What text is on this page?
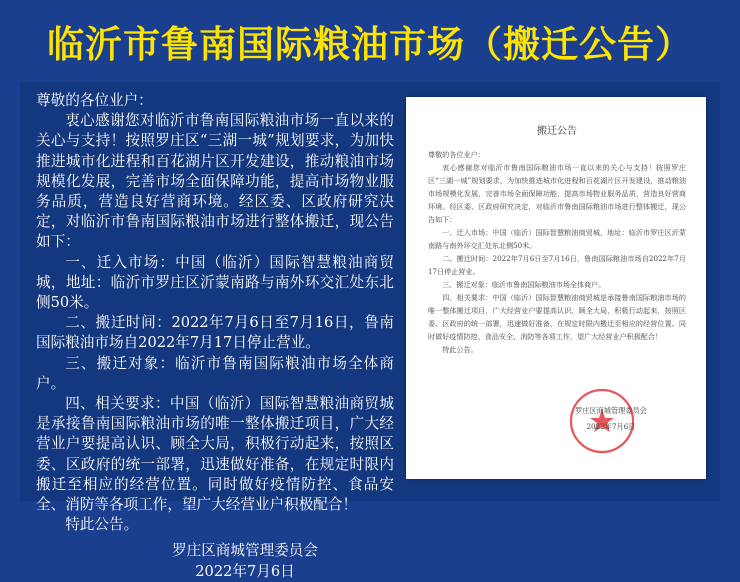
临沂市鲁南国际粮油市场（搬迁公告）

尊敬的各位业户：

衷心感谢您对临沂市鲁南国际粮油市场一直以来的关心与支持！按照罗庄区“三湖一城”规划要求，为加快推进城市化进程和百花湖片区开发建设，推动粮油市场规模化发展，完善市场全面保障功能，提高市场物业服务品质，营造良好营商环境。经区委、区政府研究决定，对临沂市鲁南国际粮油市场进行整体搬迁，现公告如下：

一、迁入市场：中国（临沂）国际智慧粮油商贸城，地址：临沂市罗庄区沂蒙南路与南外环交汇处东北侧50米。

二、搬迁时间：2022年7月6日至7月16日，鲁南国际粮油市场自2022年7月17日停止营业。

三、搬迁对象：临沂市鲁南国际粮油市场全体商户。

四、相关要求：中国（临沂）国际智慧粮油商贸城是承接鲁南国际粮油市场的唯一整体搬迁项目，广大经营业户要提高认识、顾全大局，积极行动起来，按照区委、区政府的统一部署，迅速做好准备，在规定时限内搬迁至相应的经营位置。同时做好疫情防控、食品安全、消防等各项工作，望广大经营业户积极配合！

特此公告。

罗庄区商城管理委员会

2022年7月6日

搬迁公告

尊敬的各位业户：

衷心感谢您对临沂市鲁南国际粮油市场一直以来的关心与支持！按照罗庄区“三湖一城”规划要求，为加快推进城市化进程和百花湖片区开发建设，推动粮油市场规模化发展，完善市场全面保障功能，提高市场物业服务品质，营造良好营商环境。经区委、区政府研究决定，对临沂市鲁南国际粮油市场进行整体搬迁，现公告如下：

一、迁入市场：中国（临沂）国际智慧粮油商贸城，地址：临沂市罗庄区沂蒙南路与南外环交汇处东北侧50米。

二、搬迁时间：2022年7月6日至7月16日，鲁南国际粮油市场自2022年7月17日停止营业。

三、搬迁对象：临沂市鲁南国际粮油市场全体商户。

四、相关要求：中国（临沂）国际智慧粮油商贸城是承接鲁南国际粮油市场的唯一整体搬迁项目，广大经营业户要提高认识、顾全大局，积极行动起来，按照区委、区政府的统一部署，迅速做好准备，在规定时限内搬迁至相应的经营位置。同时做好疫情防控、食品安全、消防等各项工作，望广大经营业户积极配合！

特此公告。

罗庄区商城管理委员会
2022年7月6日
